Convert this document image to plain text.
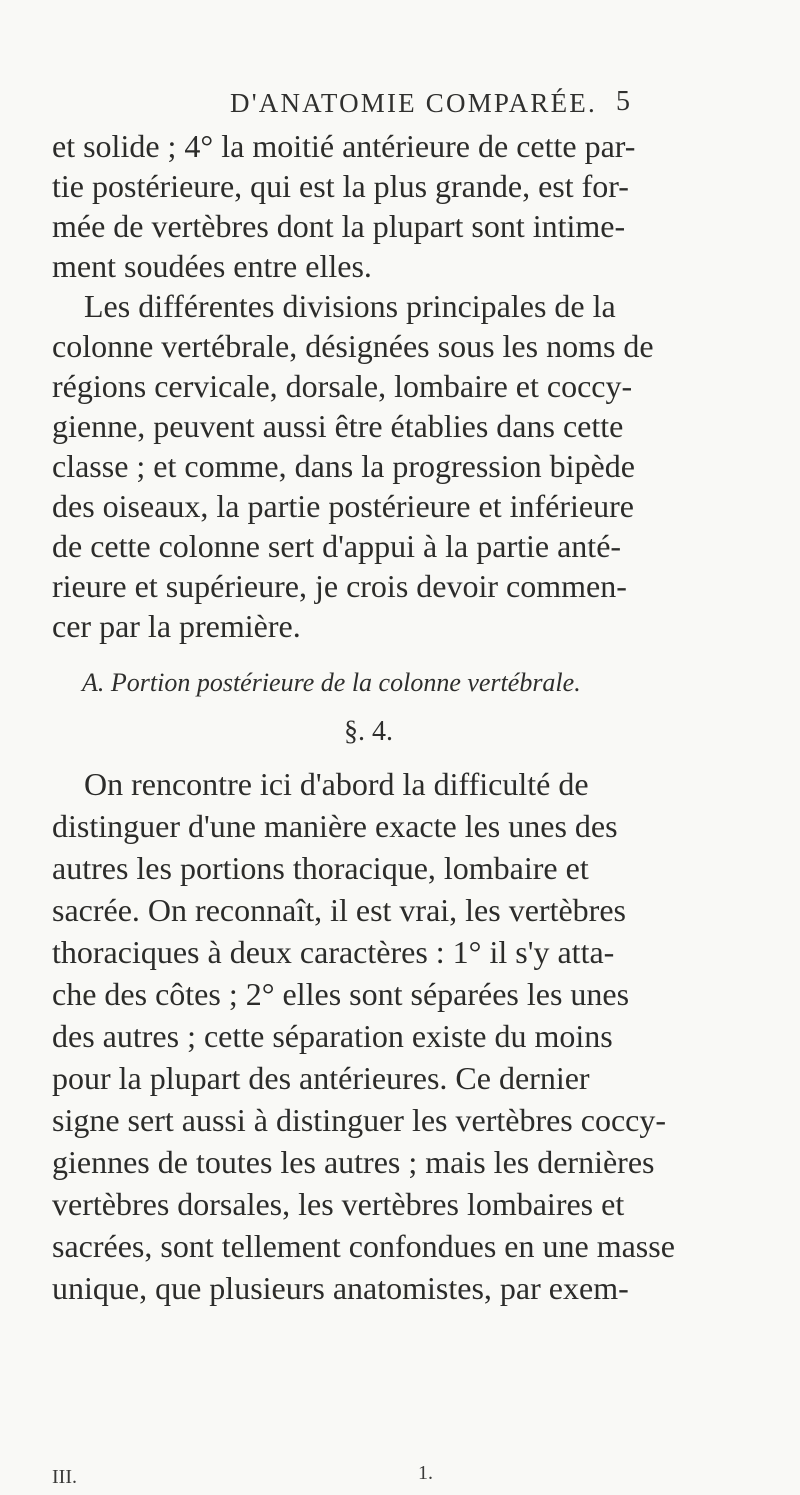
D'ANATOMIE COMPARÉE. 5
et solide ; 4° la moitié antérieure de cette par-
tie postérieure, qui est la plus grande, est for-
mée de vertèbres dont la plupart sont intime-
ment soudées entre elles.
Les différentes divisions principales de la
colonne vertébrale, désignées sous les noms de
régions cervicale, dorsale, lombaire et coccy-
gienne, peuvent aussi être établies dans cette
classe ; et comme, dans la progression bipède
des oiseaux, la partie postérieure et inférieure
de cette colonne sert d'appui à la partie anté-
rieure et supérieure, je crois devoir commen-
cer par la première.
A. Portion postérieure de la colonne vertébrale.
§. 4.
On rencontre ici d'abord la difficulté de
distinguer d'une manière exacte les unes des
autres les portions thoracique, lombaire et
sacrée. On reconnaît, il est vrai, les vertèbres
thoraciques à deux caractères : 1° il s'y atta-
che des côtes ; 2° elles sont séparées les unes
des autres ; cette séparation existe du moins
pour la plupart des antérieures. Ce dernier
signe sert aussi à distinguer les vertèbres coccy-
giennes de toutes les autres ; mais les dernières
vertèbres dorsales, les vertèbres lombaires et
sacrées, sont tellement confondues en une masse
unique, que plusieurs anatomistes, par exem-
III.	1.
